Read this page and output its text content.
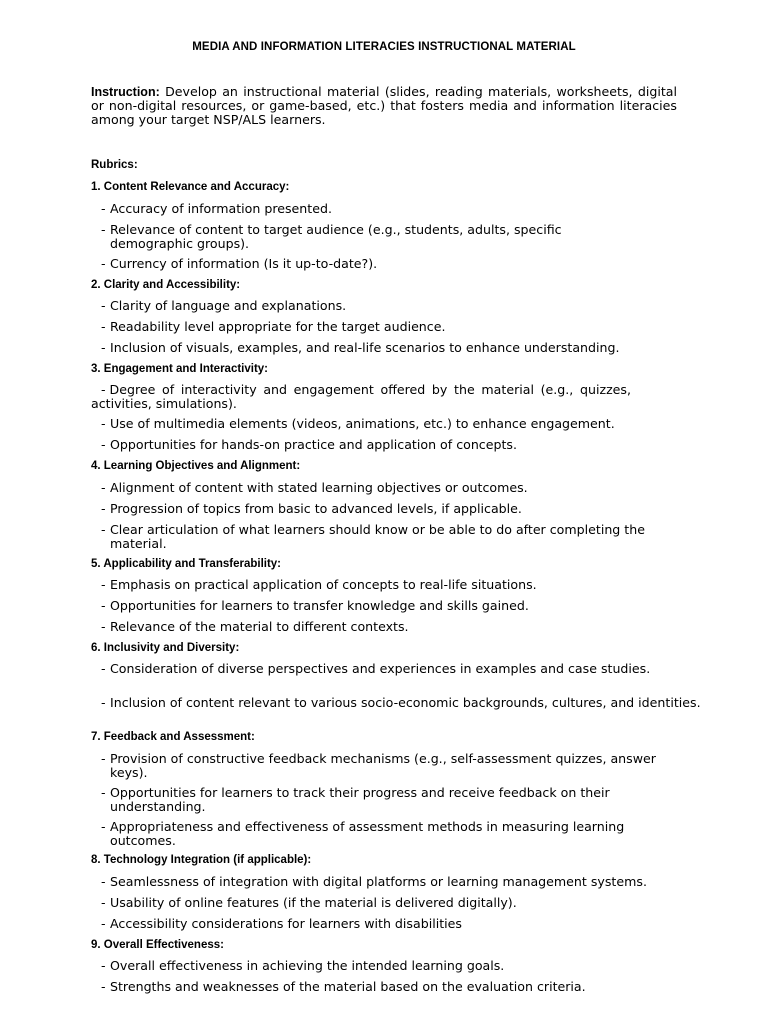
MEDIA AND INFORMATION LITERACIES INSTRUCTIONAL MATERIAL
Instruction: Develop an instructional material (slides, reading materials, worksheets, digital or non-digital resources, or game-based, etc.) that fosters media and information literacies among your target NSP/ALS learners.
Rubrics:
1. Content Relevance and Accuracy:
- Accuracy of information presented.
- Relevance of content to target audience (e.g., students, adults, specific demographic groups).
- Currency of information (Is it up-to-date?).
2. Clarity and Accessibility:
- Clarity of language and explanations.
- Readability level appropriate for the target audience.
- Inclusion of visuals, examples, and real-life scenarios to enhance understanding.
3. Engagement and Interactivity:
- Degree of interactivity and engagement offered by the material (e.g., quizzes, activities, simulations).
- Use of multimedia elements (videos, animations, etc.) to enhance engagement.
- Opportunities for hands-on practice and application of concepts.
4. Learning Objectives and Alignment:
- Alignment of content with stated learning objectives or outcomes.
- Progression of topics from basic to advanced levels, if applicable.
- Clear articulation of what learners should know or be able to do after completing the material.
5. Applicability and Transferability:
- Emphasis on practical application of concepts to real-life situations.
- Opportunities for learners to transfer knowledge and skills gained.
- Relevance of the material to different contexts.
6. Inclusivity and Diversity:
- Consideration of diverse perspectives and experiences in examples and case studies.
- Inclusion of content relevant to various socio-economic backgrounds, cultures, and identities.
7. Feedback and Assessment:
- Provision of constructive feedback mechanisms (e.g., self-assessment quizzes, answer keys).
- Opportunities for learners to track their progress and receive feedback on their understanding.
- Appropriateness and effectiveness of assessment methods in measuring learning outcomes.
8. Technology Integration (if applicable):
- Seamlessness of integration with digital platforms or learning management systems.
- Usability of online features (if the material is delivered digitally).
- Accessibility considerations for learners with disabilities
9. Overall Effectiveness:
- Overall effectiveness in achieving the intended learning goals.
- Strengths and weaknesses of the material based on the evaluation criteria.
